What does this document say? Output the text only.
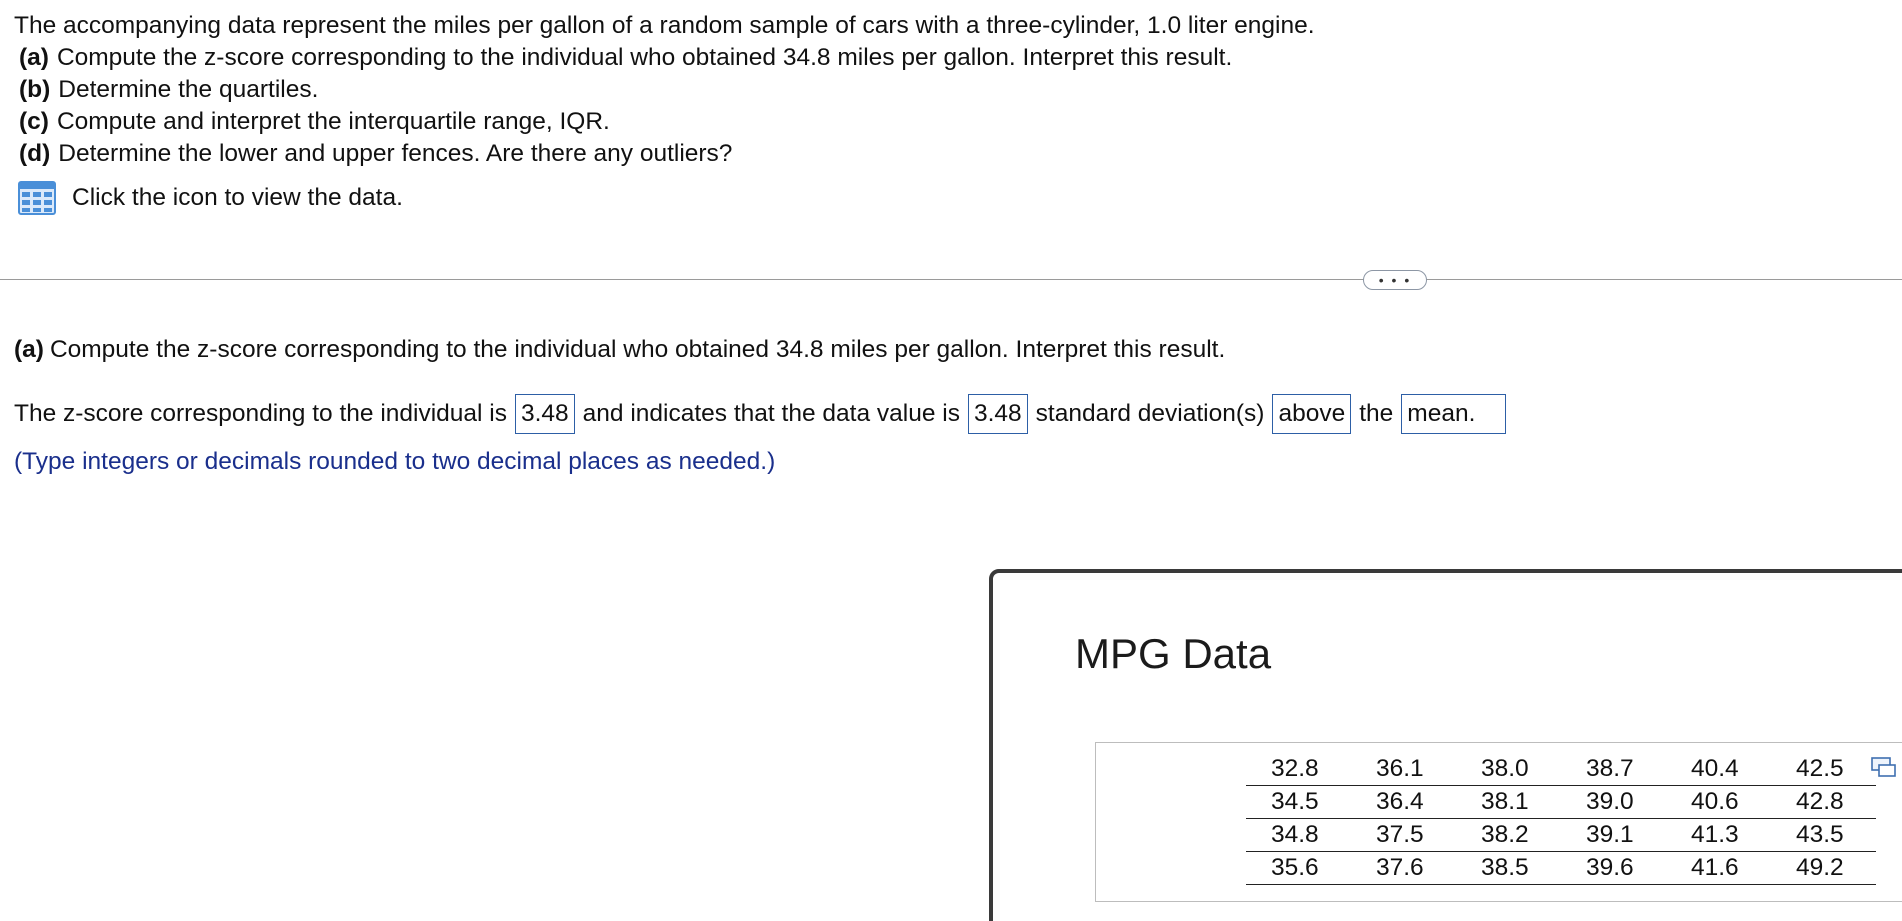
The accompanying data represent the miles per gallon of a random sample of cars with a three-cylinder, 1.0 liter engine.
(a) Compute the z-score corresponding to the individual who obtained 34.8 miles per gallon. Interpret this result.
(b) Determine the quartiles.
(c) Compute and interpret the interquartile range, IQR.
(d) Determine the lower and upper fences. Are there any outliers?
Click the icon to view the data.
• • •
(a) Compute the z-score corresponding to the individual who obtained 34.8 miles per gallon. Interpret this result.
The z-score corresponding to the individual is 3.48 and indicates that the data value is 3.48 standard deviation(s) above the mean.
(Type integers or decimals rounded to two decimal places as needed.)
MPG Data
32.8	36.1	38.0	38.7	40.4	42.5
34.5	36.4	38.1	39.0	40.6	42.8
34.8	37.5	38.2	39.1	41.3	43.5
35.6	37.6	38.5	39.6	41.6	49.2
